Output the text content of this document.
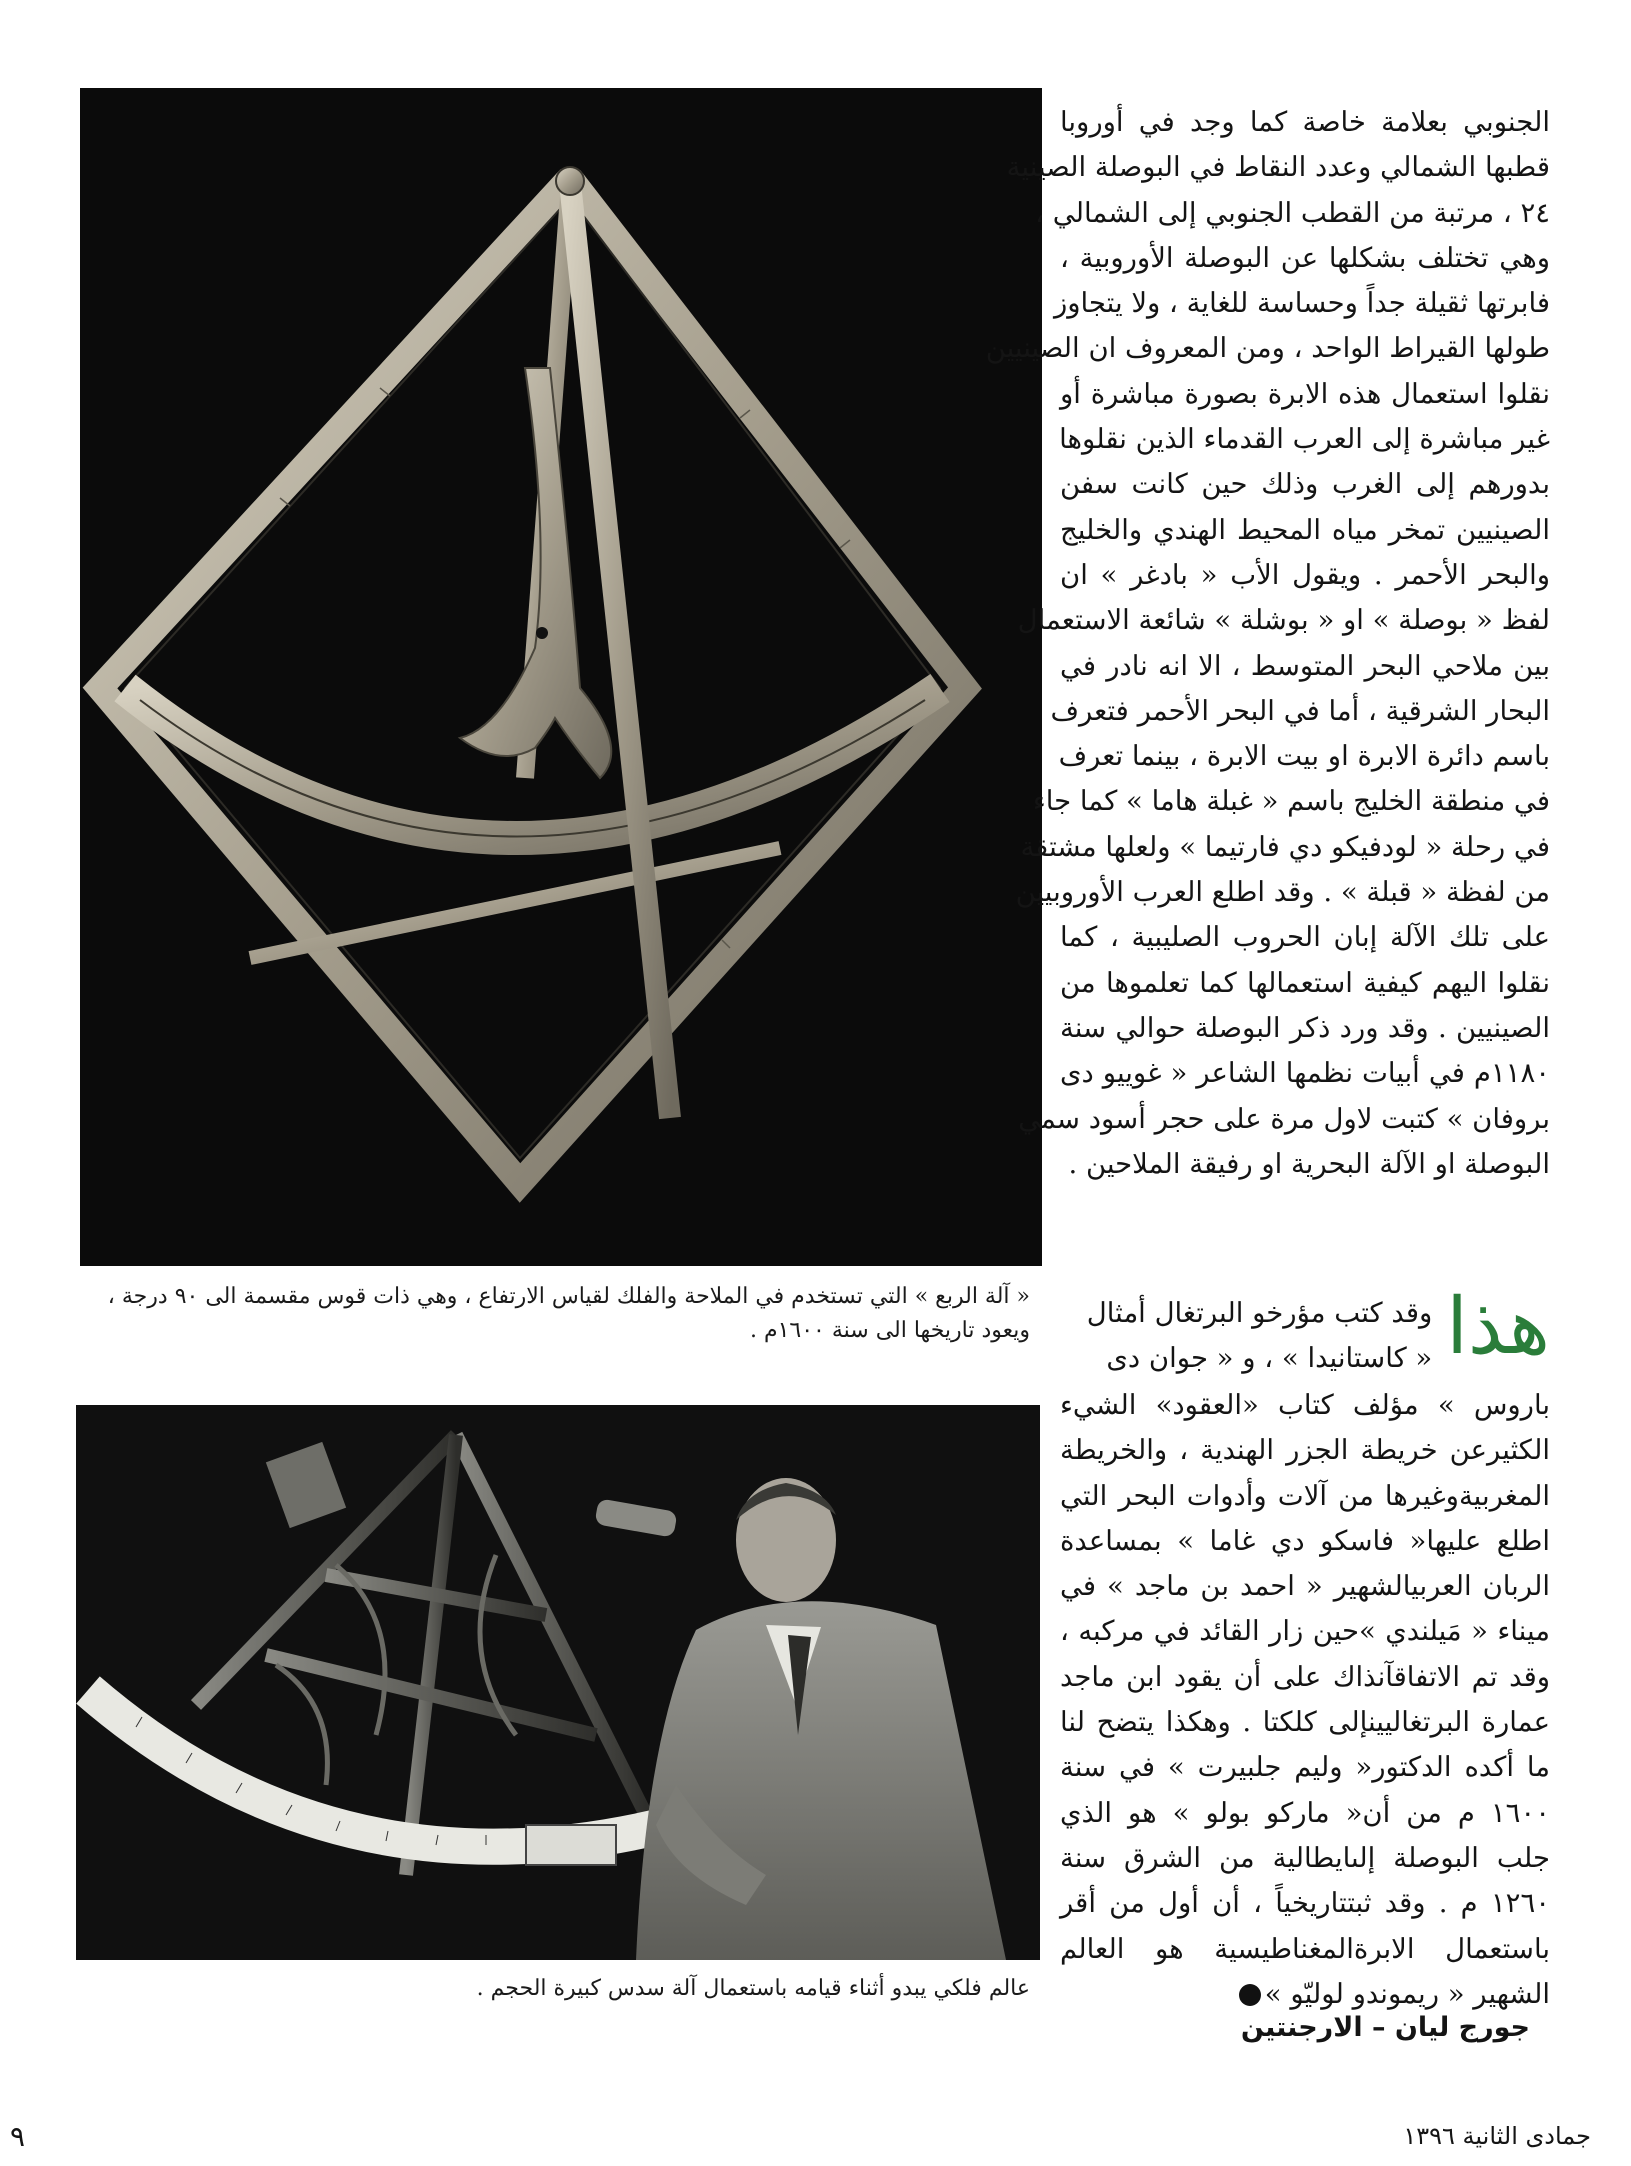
« آلة الربع » التي تستخدم في الملاحة والفلك لقياس الارتفاع ، وهي ذات قوس مقسمة الى ٩٠ درجة ، ويعود تاريخها الى سنة ١٦٠٠م .
عالم فلكي يبدو أثناء قيامه باستعمال آلة سدس كبيرة الحجم .
الجنوبي بعلامة خاصة كما وجد في أوروبا
قطبها الشمالي وعدد النقاط في البوصلة الصينية
٢٤ ، مرتبة من القطب الجنوبي إلى الشمالي ،
وهي تختلف بشكلها عن البوصلة الأوروبية ،
فابرتها ثقيلة جداً وحساسة للغاية ، ولا يتجاوز
طولها القيراط الواحد ، ومن المعروف ان الصينيين
نقلوا استعمال هذه الابرة بصورة مباشرة أو
غير مباشرة إلى العرب القدماء الذين نقلوها
بدورهم إلى الغرب وذلك حين كانت سفن
الصينيين تمخر مياه المحيط الهندي والخليج
والبحر الأحمر . ويقول الأب « بادغر » ان
لفظ « بوصلة » او « بوشلة » شائعة الاستعمال
بين ملاحي البحر المتوسط ، الا انه نادر في
البحار الشرقية ، أما في البحر الأحمر فتعرف
باسم دائرة الابرة او بيت الابرة ، بينما تعرف
في منطقة الخليج باسم « غبلة هاما » كما جاء
في رحلة « لودفيكو دي فارتيما » ولعلها مشتقة
من لفظة « قبلة » . وقد اطلع العرب الأوروبيين
على تلك الآلة إبان الحروب الصليبية ، كما
نقلوا اليهم كيفية استعمالها كما تعلموها من
الصينيين . وقد ورد ذكر البوصلة حوالي سنة
١١٨٠م في أبيات نظمها الشاعر « غوييو دى
بروفان » كتبت لاول مرة على حجر أسود سمي
البوصلة او الآلة البحرية او رفيقة الملاحين .
هذا
وقد كتب مؤرخو البرتغال أمثال
« كاستانيدا » ، و « جوان دى
باروس » مؤلف كتاب «العقود» الشيء الكثيرعن خريطة الجزر الهندية ، والخريطة المغربيةوغيرها من آلات وأدوات البحر التي اطلع عليها« فاسكو دي غاما » بمساعدة الربان العربيالشهير « احمد بن ماجد » في ميناء « مَيلندي »حين زار القائد في مركبه ، وقد تم الاتفاقآنذاك على أن يقود ابن ماجد عمارة البرتغاليينإلى كلكتا . وهكذا يتضح لنا ما أكده الدكتور« وليم جلبيرت » في سنة ١٦٠٠ م من أن« ماركو بولو » هو الذي جلب البوصلة إلىايطالية من الشرق سنة ١٢٦٠ م . وقد ثبتتاريخياً ، أن أول من أقر باستعمال الابرةالمغناطيسية هو العالم الشهير « ريموندو لوليّو »
جورج ليان – الارجنتين
جمادى الثانية ١٣٩٦
٩
